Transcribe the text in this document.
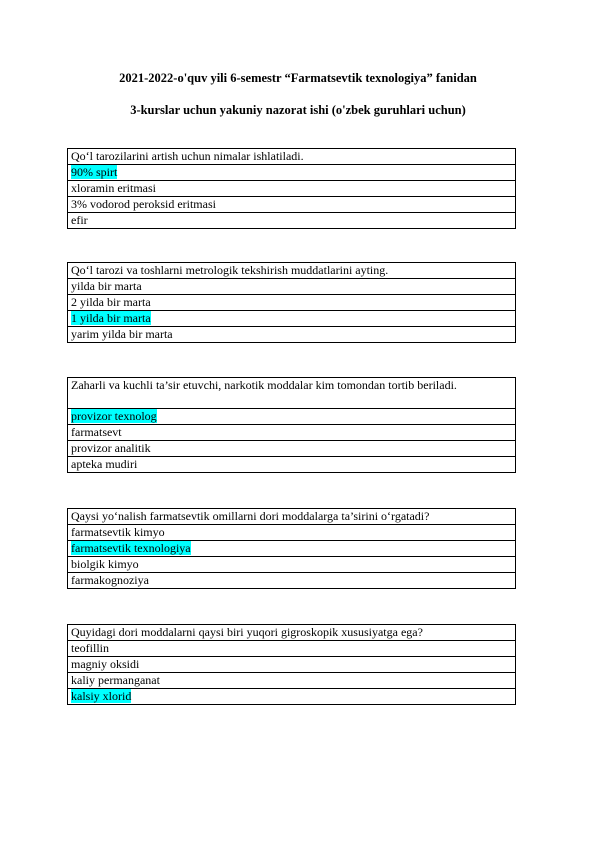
2021-2022-o'quv yili 6-semestr “Farmatsevtik texnologiya” fanidan
3-kurslar uchun yakuniy nazorat ishi (o'zbek guruhlari uchun)
Qo‘l tarozilarini artish uchun nimalar ishlatiladi.
90% spirt
xloramin eritmasi
3% vodorod peroksid eritmasi
efir
Qo‘l tarozi va toshlarni metrologik tekshirish muddatlarini ayting.
yilda bir marta
2 yilda bir marta
1 yilda bir marta
yarim yilda bir marta
Zaharli va kuchli ta’sir etuvchi, narkotik moddalar kim tomondan tortib beriladi.
provizor texnolog
farmatsevt
provizor analitik
apteka mudiri
Qaysi yo‘nalish farmatsevtik omillarni dori moddalarga ta’sirini o‘rgatadi?
farmatsevtik kimyo
farmatsevtik texnologiya
biolgik kimyo
farmakognoziya
Quyidagi dori moddalarni qaysi biri yuqori gigroskopik xususiyatga ega?
teofillin
magniy oksidi
kaliy permanganat
kalsiy xlorid
